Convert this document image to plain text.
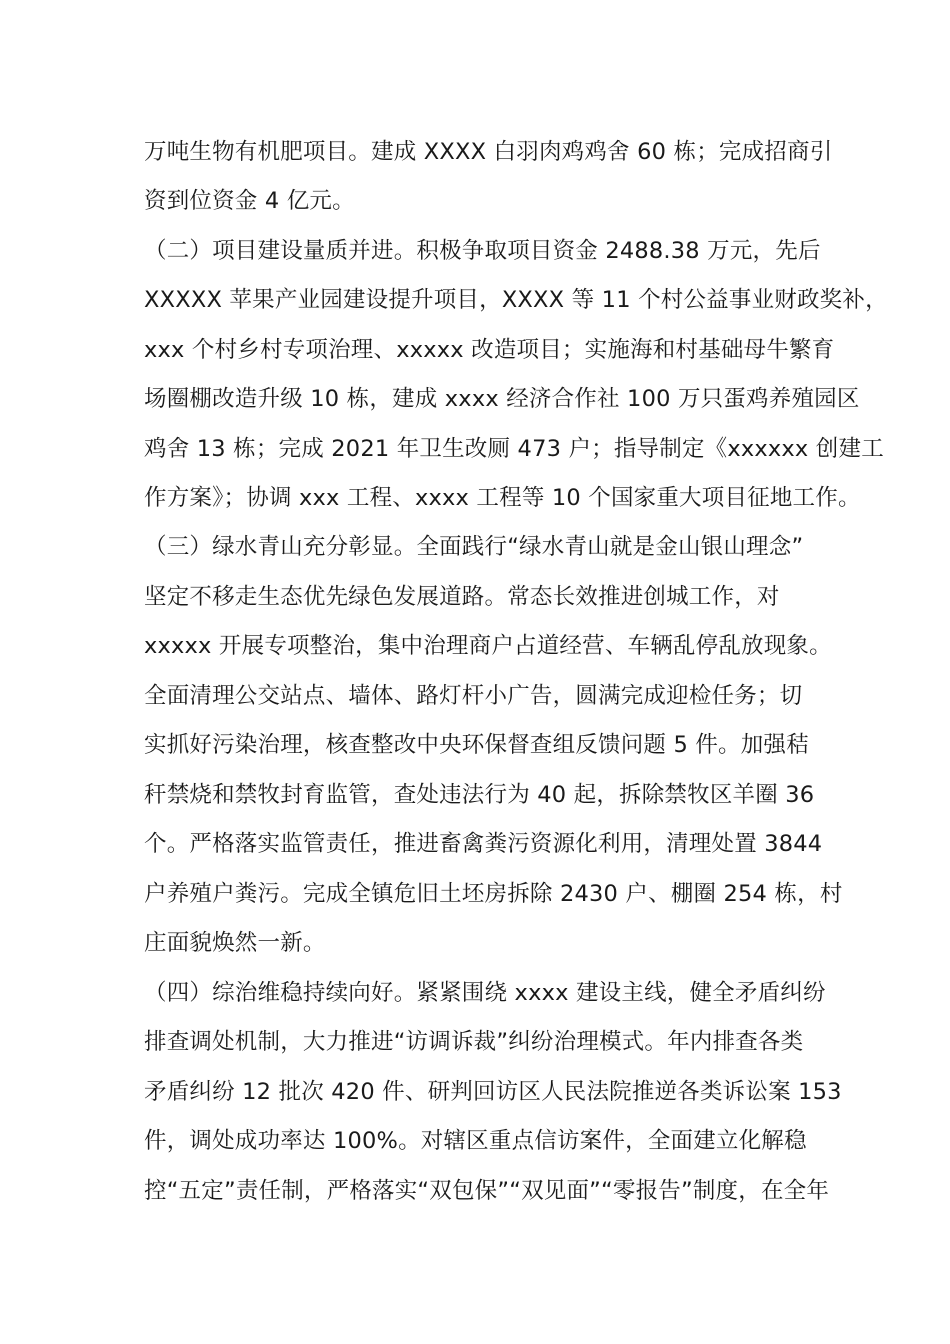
万吨生物有机肥项目。建成 XXXX 白羽肉鸡鸡舍 60 栋；完成招商引
资到位资金 4 亿元。
（二）项目建设量质并进。积极争取项目资金 2488.38 万元，先后
XXXXX 苹果产业园建设提升项目，XXXX 等 11 个村公益事业财政奖补，
xxx 个村乡村专项治理、xxxxx 改造项目；实施海和村基础母牛繁育
场圈棚改造升级 10 栋，建成 xxxx 经济合作社 100 万只蛋鸡养殖园区
鸡舍 13 栋；完成 2021 年卫生改厕 473 户；指导制定《xxxxxx 创建工
作方案》；协调 xxx 工程、xxxx 工程等 10 个国家重大项目征地工作。
（三）绿水青山充分彰显。全面践行“绿水青山就是金山银山理念”
坚定不移走生态优先绿色发展道路。常态长效推进创城工作，对
xxxxx 开展专项整治，集中治理商户占道经营、车辆乱停乱放现象。
全面清理公交站点、墙体、路灯杆小广告，圆满完成迎检任务；切
实抓好污染治理，核查整改中央环保督查组反馈问题 5 件。加强秸
秆禁烧和禁牧封育监管，查处违法行为 40 起，拆除禁牧区羊圈 36
个。严格落实监管责任，推进畜禽粪污资源化利用，清理处置 3844
户养殖户粪污。完成全镇危旧土坯房拆除 2430 户、棚圈 254 栋，村
庄面貌焕然一新。
（四）综治维稳持续向好。紧紧围绕 xxxx 建设主线，健全矛盾纠纷
排查调处机制，大力推进“访调诉裁”纠纷治理模式。年内排查各类
矛盾纠纷 12 批次 420 件、研判回访区人民法院推逆各类诉讼案 153
件，调处成功率达 100%。对辖区重点信访案件，全面建立化解稳
控“五定”责任制，严格落实“双包保”“双见面”“零报告”制度，在全年
